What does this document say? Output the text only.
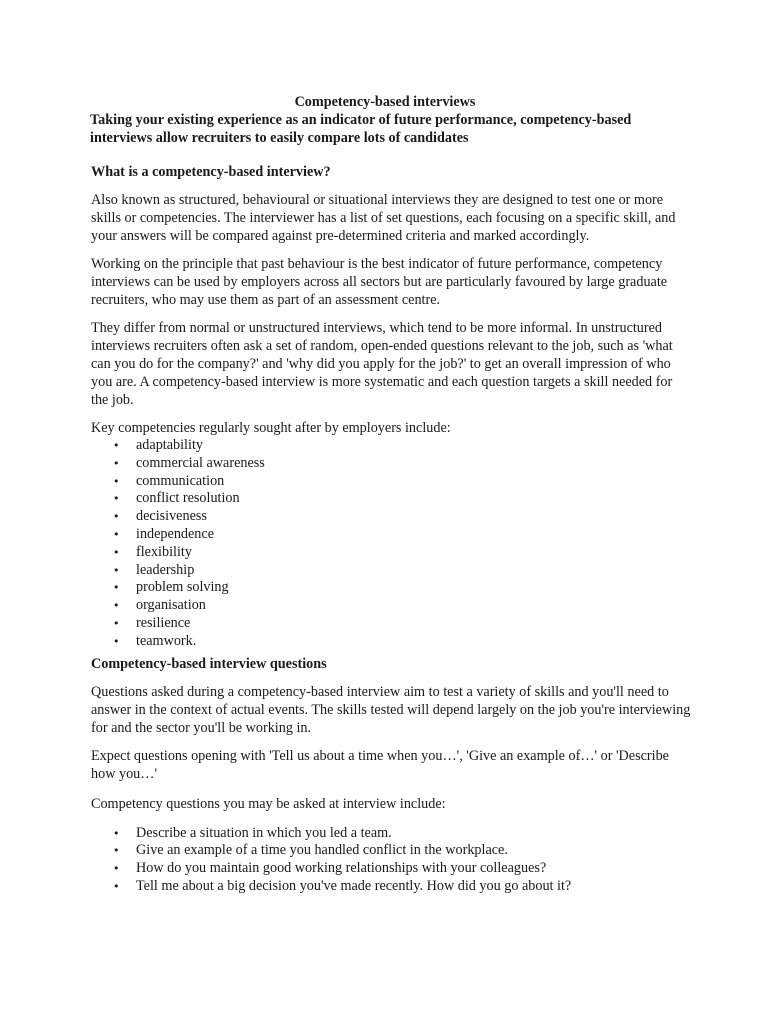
Competency-based interviews

Taking your existing experience as an indicator of future performance, competency-based interviews allow recruiters to easily compare lots of candidates

What is a competency-based interview?

Also known as structured, behavioural or situational interviews they are designed to test one or more skills or competencies. The interviewer has a list of set questions, each focusing on a specific skill, and your answers will be compared against pre-determined criteria and marked accordingly.

Working on the principle that past behaviour is the best indicator of future performance, competency interviews can be used by employers across all sectors but are particularly favoured by large graduate recruiters, who may use them as part of an assessment centre.

They differ from normal or unstructured interviews, which tend to be more informal. In unstructured interviews recruiters often ask a set of random, open-ended questions relevant to the job, such as 'what can you do for the company?' and 'why did you apply for the job?' to get an overall impression of who you are. A competency-based interview is more systematic and each question targets a skill needed for the job.

Key competencies regularly sought after by employers include:

• adaptability
• commercial awareness
• communication
• conflict resolution
• decisiveness
• independence
• flexibility
• leadership
• problem solving
• organisation
• resilience
• teamwork.

Competency-based interview questions

Questions asked during a competency-based interview aim to test a variety of skills and you'll need to answer in the context of actual events. The skills tested will depend largely on the job you're interviewing for and the sector you'll be working in.

Expect questions opening with 'Tell us about a time when you…', 'Give an example of…' or 'Describe how you…'

Competency questions you may be asked at interview include:

• Describe a situation in which you led a team.
• Give an example of a time you handled conflict in the workplace.
• How do you maintain good working relationships with your colleagues?
• Tell me about a big decision you've made recently. How did you go about it?
